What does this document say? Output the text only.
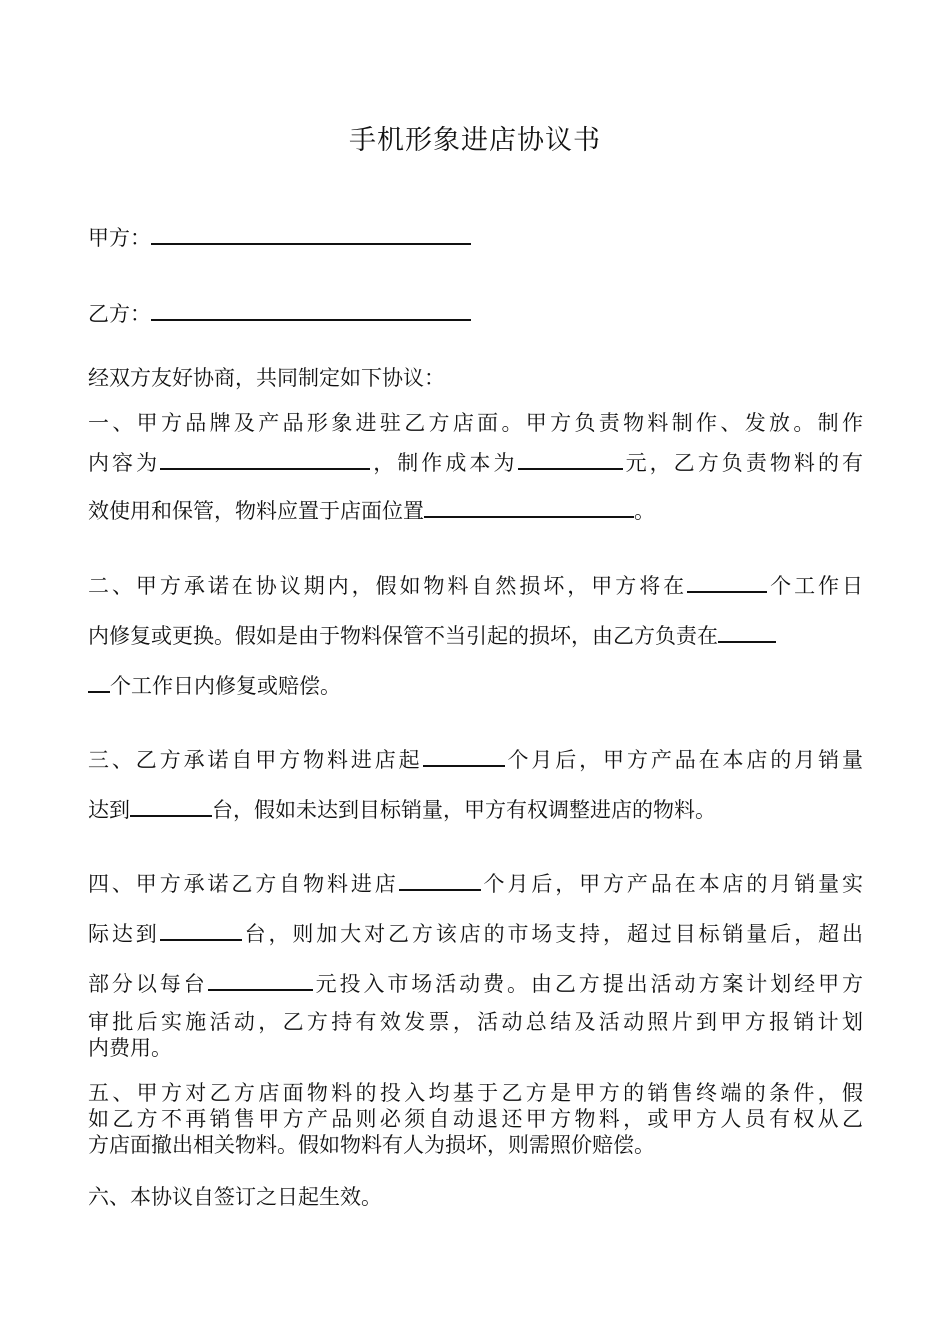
手机形象进店协议书
甲方：
乙方：
经双方友好协商，共同制定如下协议：
一、甲方品牌及产品形象进驻乙方店面。甲方负责物料制作、发放。制作
内容为	，制作成本为	元，乙方负责物料的有
效使用和保管，物料应置于店面位置	。
二、甲方承诺在协议期内，假如物料自然损坏，甲方将在	个工作日
内修复或更换。假如是由于物料保管不当引起的损坏，由乙方负责在
个工作日内修复或赔偿。
三、乙方承诺自甲方物料进店起	个月后，甲方产品在本店的月销量
达到	台，假如未达到目标销量，甲方有权调整进店的物料。
四、甲方承诺乙方自物料进店	个月后，甲方产品在本店的月销量实
际达到	台，则加大对乙方该店的市场支持，超过目标销量后，超出
部分以每台	元投入市场活动费。由乙方提出活动方案计划经甲方
审批后实施活动，乙方持有效发票，活动总结及活动照片到甲方报销计划
内费用。
五、甲方对乙方店面物料的投入均基于乙方是甲方的销售终端的条件，假
如乙方不再销售甲方产品则必须自动退还甲方物料，或甲方人员有权从乙
方店面撤出相关物料。假如物料有人为损坏，则需照价赔偿。
六、本协议自签订之日起生效。
